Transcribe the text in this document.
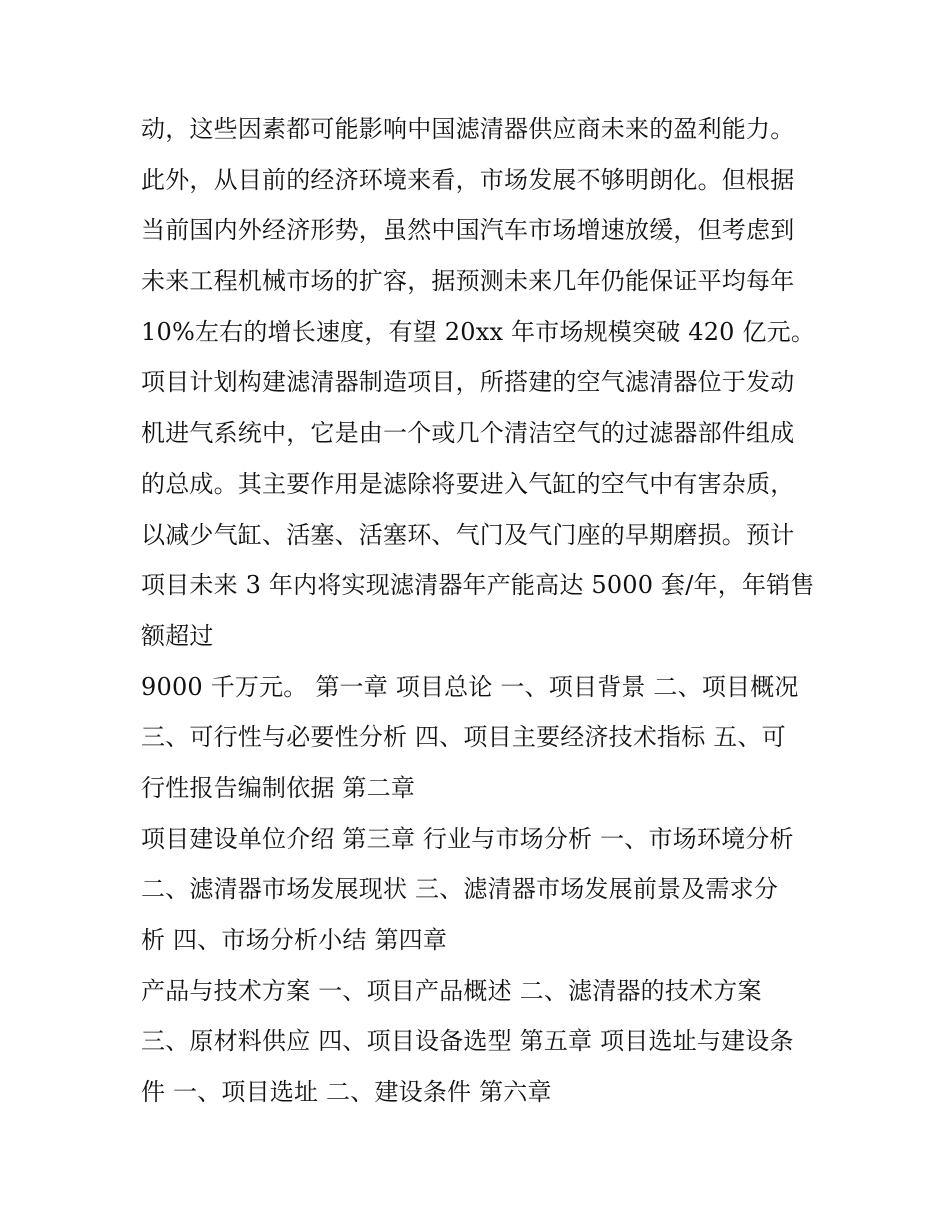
动，这些因素都可能影响中国滤清器供应商未来的盈利能力。
此外，从目前的经济环境来看，市场发展不够明朗化。但根据
当前国内外经济形势，虽然中国汽车市场增速放缓，但考虑到
未来工程机械市场的扩容，据预测未来几年仍能保证平均每年
10%左右的增长速度，有望 20xx 年市场规模突破 420 亿元。
项目计划构建滤清器制造项目，所搭建的空气滤清器位于发动
机进气系统中，它是由一个或几个清洁空气的过滤器部件组成
的总成。其主要作用是滤除将要进入气缸的空气中有害杂质，
以减少气缸、活塞、活塞环、气门及气门座的早期磨损。预计
项目未来 3 年内将实现滤清器年产能高达 5000 套/年，年销售
额超过
9000 千万元。 第一章 项目总论 一、项目背景 二、项目概况
三、可行性与必要性分析 四、项目主要经济技术指标 五、可
行性报告编制依据 第二章
项目建设单位介绍 第三章 行业与市场分析 一、市场环境分析
二、滤清器市场发展现状 三、滤清器市场发展前景及需求分
析 四、市场分析小结 第四章
产品与技术方案 一、项目产品概述 二、滤清器的技术方案
三、原材料供应 四、项目设备选型 第五章 项目选址与建设条
件 一、项目选址 二、建设条件 第六章
